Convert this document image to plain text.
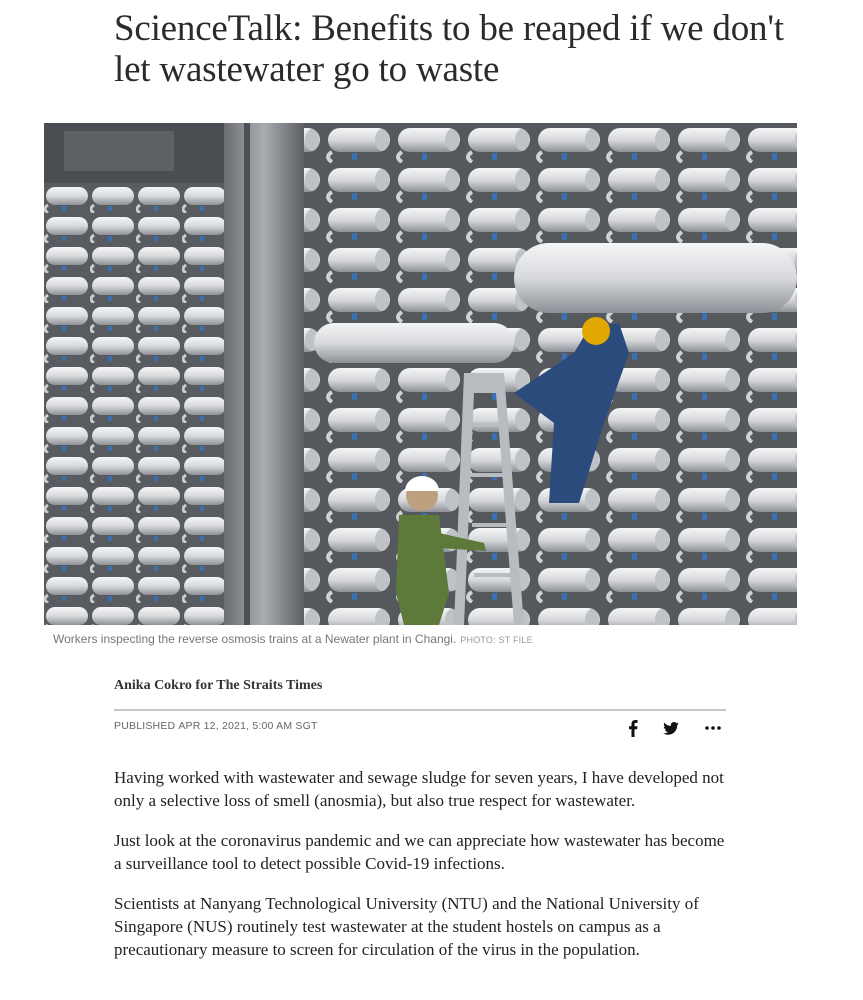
ScienceTalk: Benefits to be reaped if we don't let wastewater go to waste
Workers inspecting the reverse osmosis trains at a Newater plant in Changi. PHOTO: ST FILE
Anika Cokro for The Straits Times
PUBLISHED APR 12, 2021, 5:00 AM SGT

Having worked with wastewater and sewage sludge for seven years, I have developed not only a selective loss of smell (anosmia), but also true respect for wastewater.

Just look at the coronavirus pandemic and we can appreciate how wastewater has become a surveillance tool to detect possible Covid-19 infections.

Scientists at Nanyang Technological University (NTU) and the National University of Singapore (NUS) routinely test wastewater at the student hostels on campus as a precautionary measure to screen for circulation of the virus in the population.
